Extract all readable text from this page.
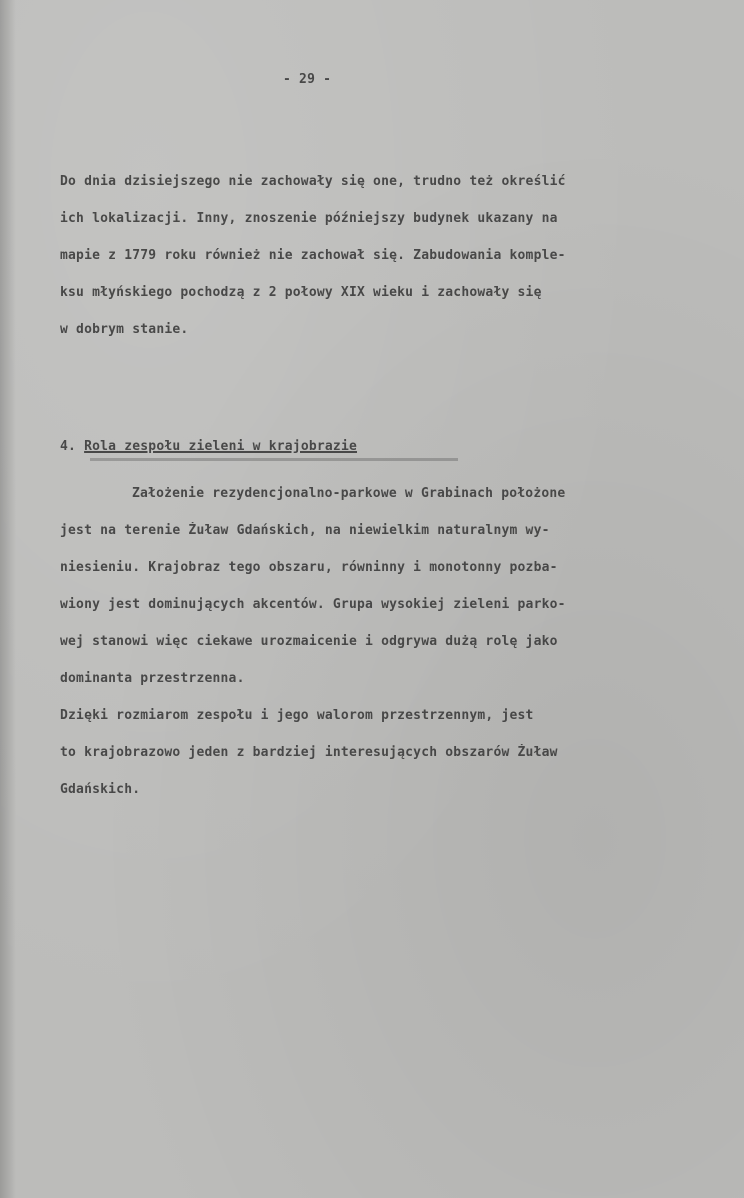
- 29 -
Do dnia dzisiejszego nie zachowały się one, trudno też określić
ich lokalizacji. Inny, znoszenie późniejszy budynek ukazany na
mapie z 1779 roku również nie zachował się. Zabudowania komple-
ksu młyńskiego pochodzą z 2 połowy XIX wieku i zachowały się
w dobrym stanie.
4. Rola zespołu zieleni w krajobrazie
Założenie rezydencjonalno-parkowe w Grabinach położone
jest na terenie Żuław Gdańskich, na niewielkim naturalnym wy-
niesieniu. Krajobraz tego obszaru, równinny i monotonny pozba-
wiony jest dominujących akcentów. Grupa wysokiej zieleni parko-
wej stanowi więc ciekawe urozmaicenie i odgrywa dużą rolę jako
dominanta przestrzenna.
Dzięki rozmiarom zespołu i jego walorom przestrzennym, jest
to krajobrazowo jeden z bardziej interesujących obszarów Żuław
Gdańskich.
